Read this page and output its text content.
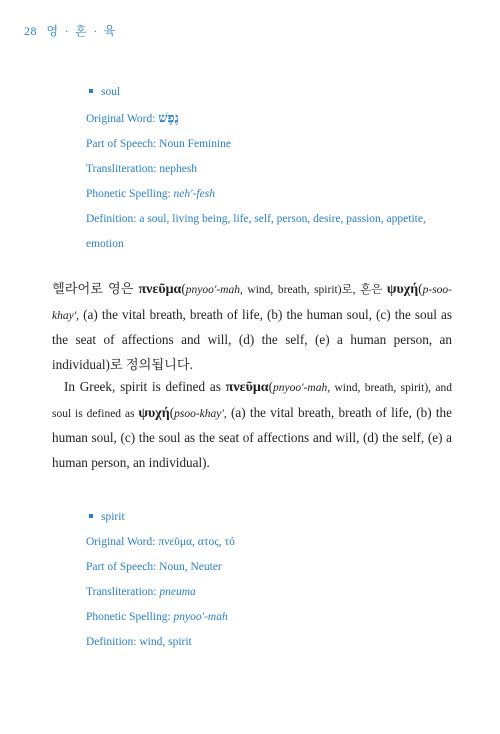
28 영 · 혼 · 육
soul
Original Word: נֶפֶשׁ
Part of Speech: Noun Feminine
Transliteration: nephesh
Phonetic Spelling: neh'-fesh
Definition: a soul, living being, life, self, person, desire, passion, appetite, emotion
헬라어로 영은 πνεῦμα(pnyoo'-mah, wind, breath, spirit)로, 혼은 ψυχή(p-soo-khay', (a) the vital breath, breath of life, (b) the human soul, (c) the soul as the seat of affections and will, (d) the self, (e) a human person, an individual)로 정의됩니다.
In Greek, spirit is defined as πνεῦμα(pnyoo'-mah, wind, breath, spirit), and soul is defined as ψυχή(psoo-khay', (a) the vital breath, breath of life, (b) the human soul, (c) the soul as the seat of affections and will, (d) the self, (e) a human person, an individual).
spirit
Original Word: πνεῦμα, ατος, τό
Part of Speech: Noun, Neuter
Transliteration: pneuma
Phonetic Spelling: pnyoo'-mah
Definition: wind, spirit
